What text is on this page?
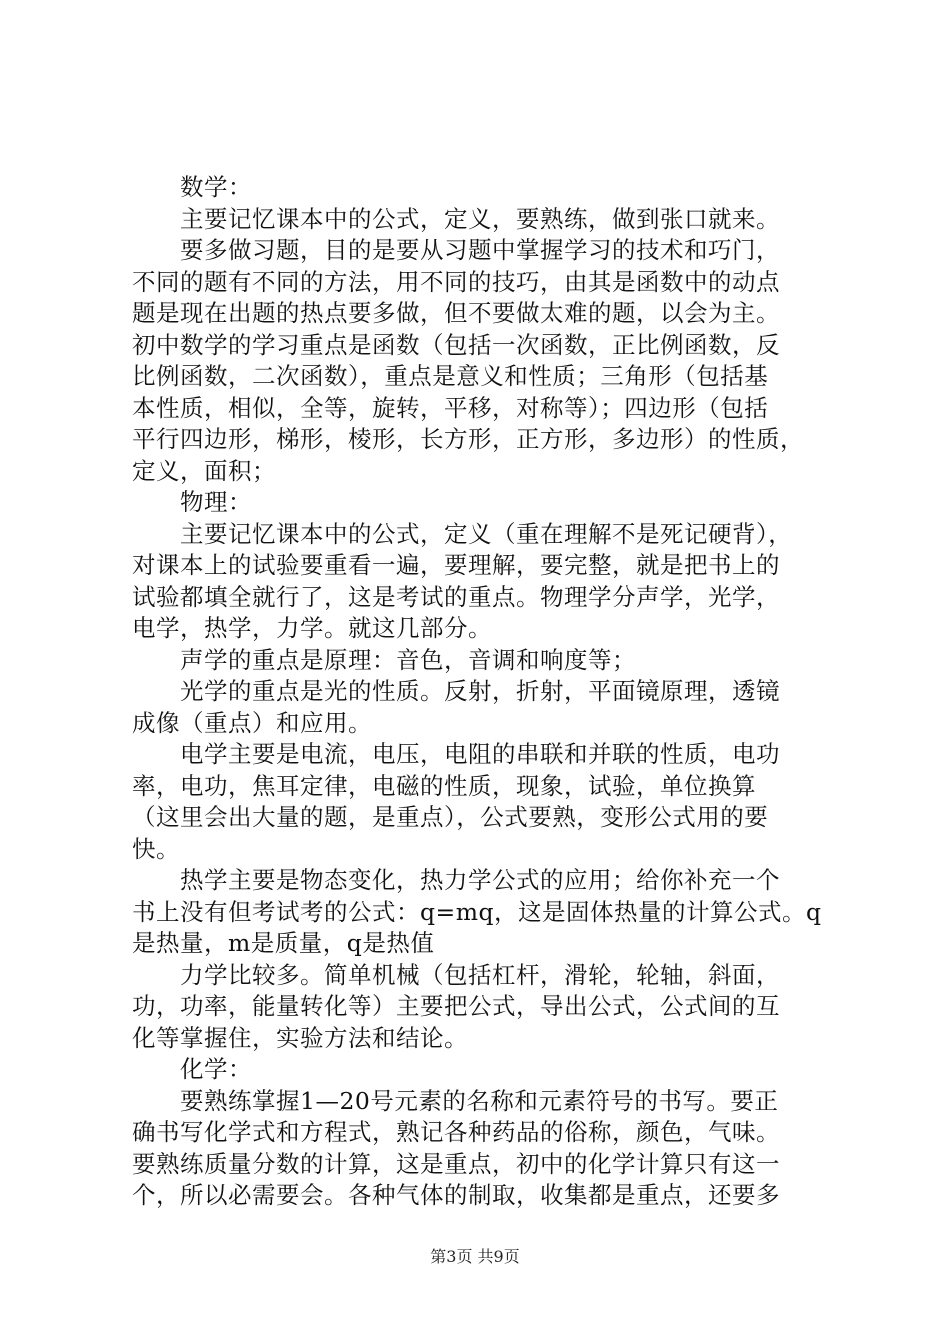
数学：
主要记忆课本中的公式，定义，要熟练，做到张口就来。
要多做习题，目的是要从习题中掌握学习的技术和巧门，
不同的题有不同的方法，用不同的技巧，由其是函数中的动点
题是现在出题的热点要多做，但不要做太难的题，以会为主。
初中数学的学习重点是函数（包括一次函数，正比例函数，反
比例函数，二次函数），重点是意义和性质；三角形（包括基
本性质，相似，全等，旋转，平移，对称等）；四边形（包括
平行四边形，梯形，棱形，长方形，正方形，多边形）的性质，
定义，面积；
物理：
主要记忆课本中的公式，定义（重在理解不是死记硬背），
对课本上的试验要重看一遍，要理解，要完整，就是把书上的
试验都填全就行了，这是考试的重点。物理学分声学，光学，
电学，热学，力学。就这几部分。
声学的重点是原理：音色，音调和响度等；
光学的重点是光的性质。反射，折射，平面镜原理，透镜
成像（重点）和应用。
电学主要是电流，电压，电阻的串联和并联的性质，电功
率，电功，焦耳定律，电磁的性质，现象，试验，单位换算
（这里会出大量的题，是重点），公式要熟，变形公式用的要
快。
热学主要是物态变化，热力学公式的应用；给你补充一个
书上没有但考试考的公式：q=mq，这是固体热量的计算公式。q
是热量，m是质量，q是热值
力学比较多。简单机械（包括杠杆，滑轮，轮轴，斜面，
功，功率，能量转化等）主要把公式，导出公式，公式间的互
化等掌握住，实验方法和结论。
化学：
要熟练掌握1—20号元素的名称和元素符号的书写。要正
确书写化学式和方程式，熟记各种药品的俗称，颜色，气味。
要熟练质量分数的计算，这是重点，初中的化学计算只有这一
个，所以必需要会。各种气体的制取，收集都是重点，还要多
第3页 共9页
